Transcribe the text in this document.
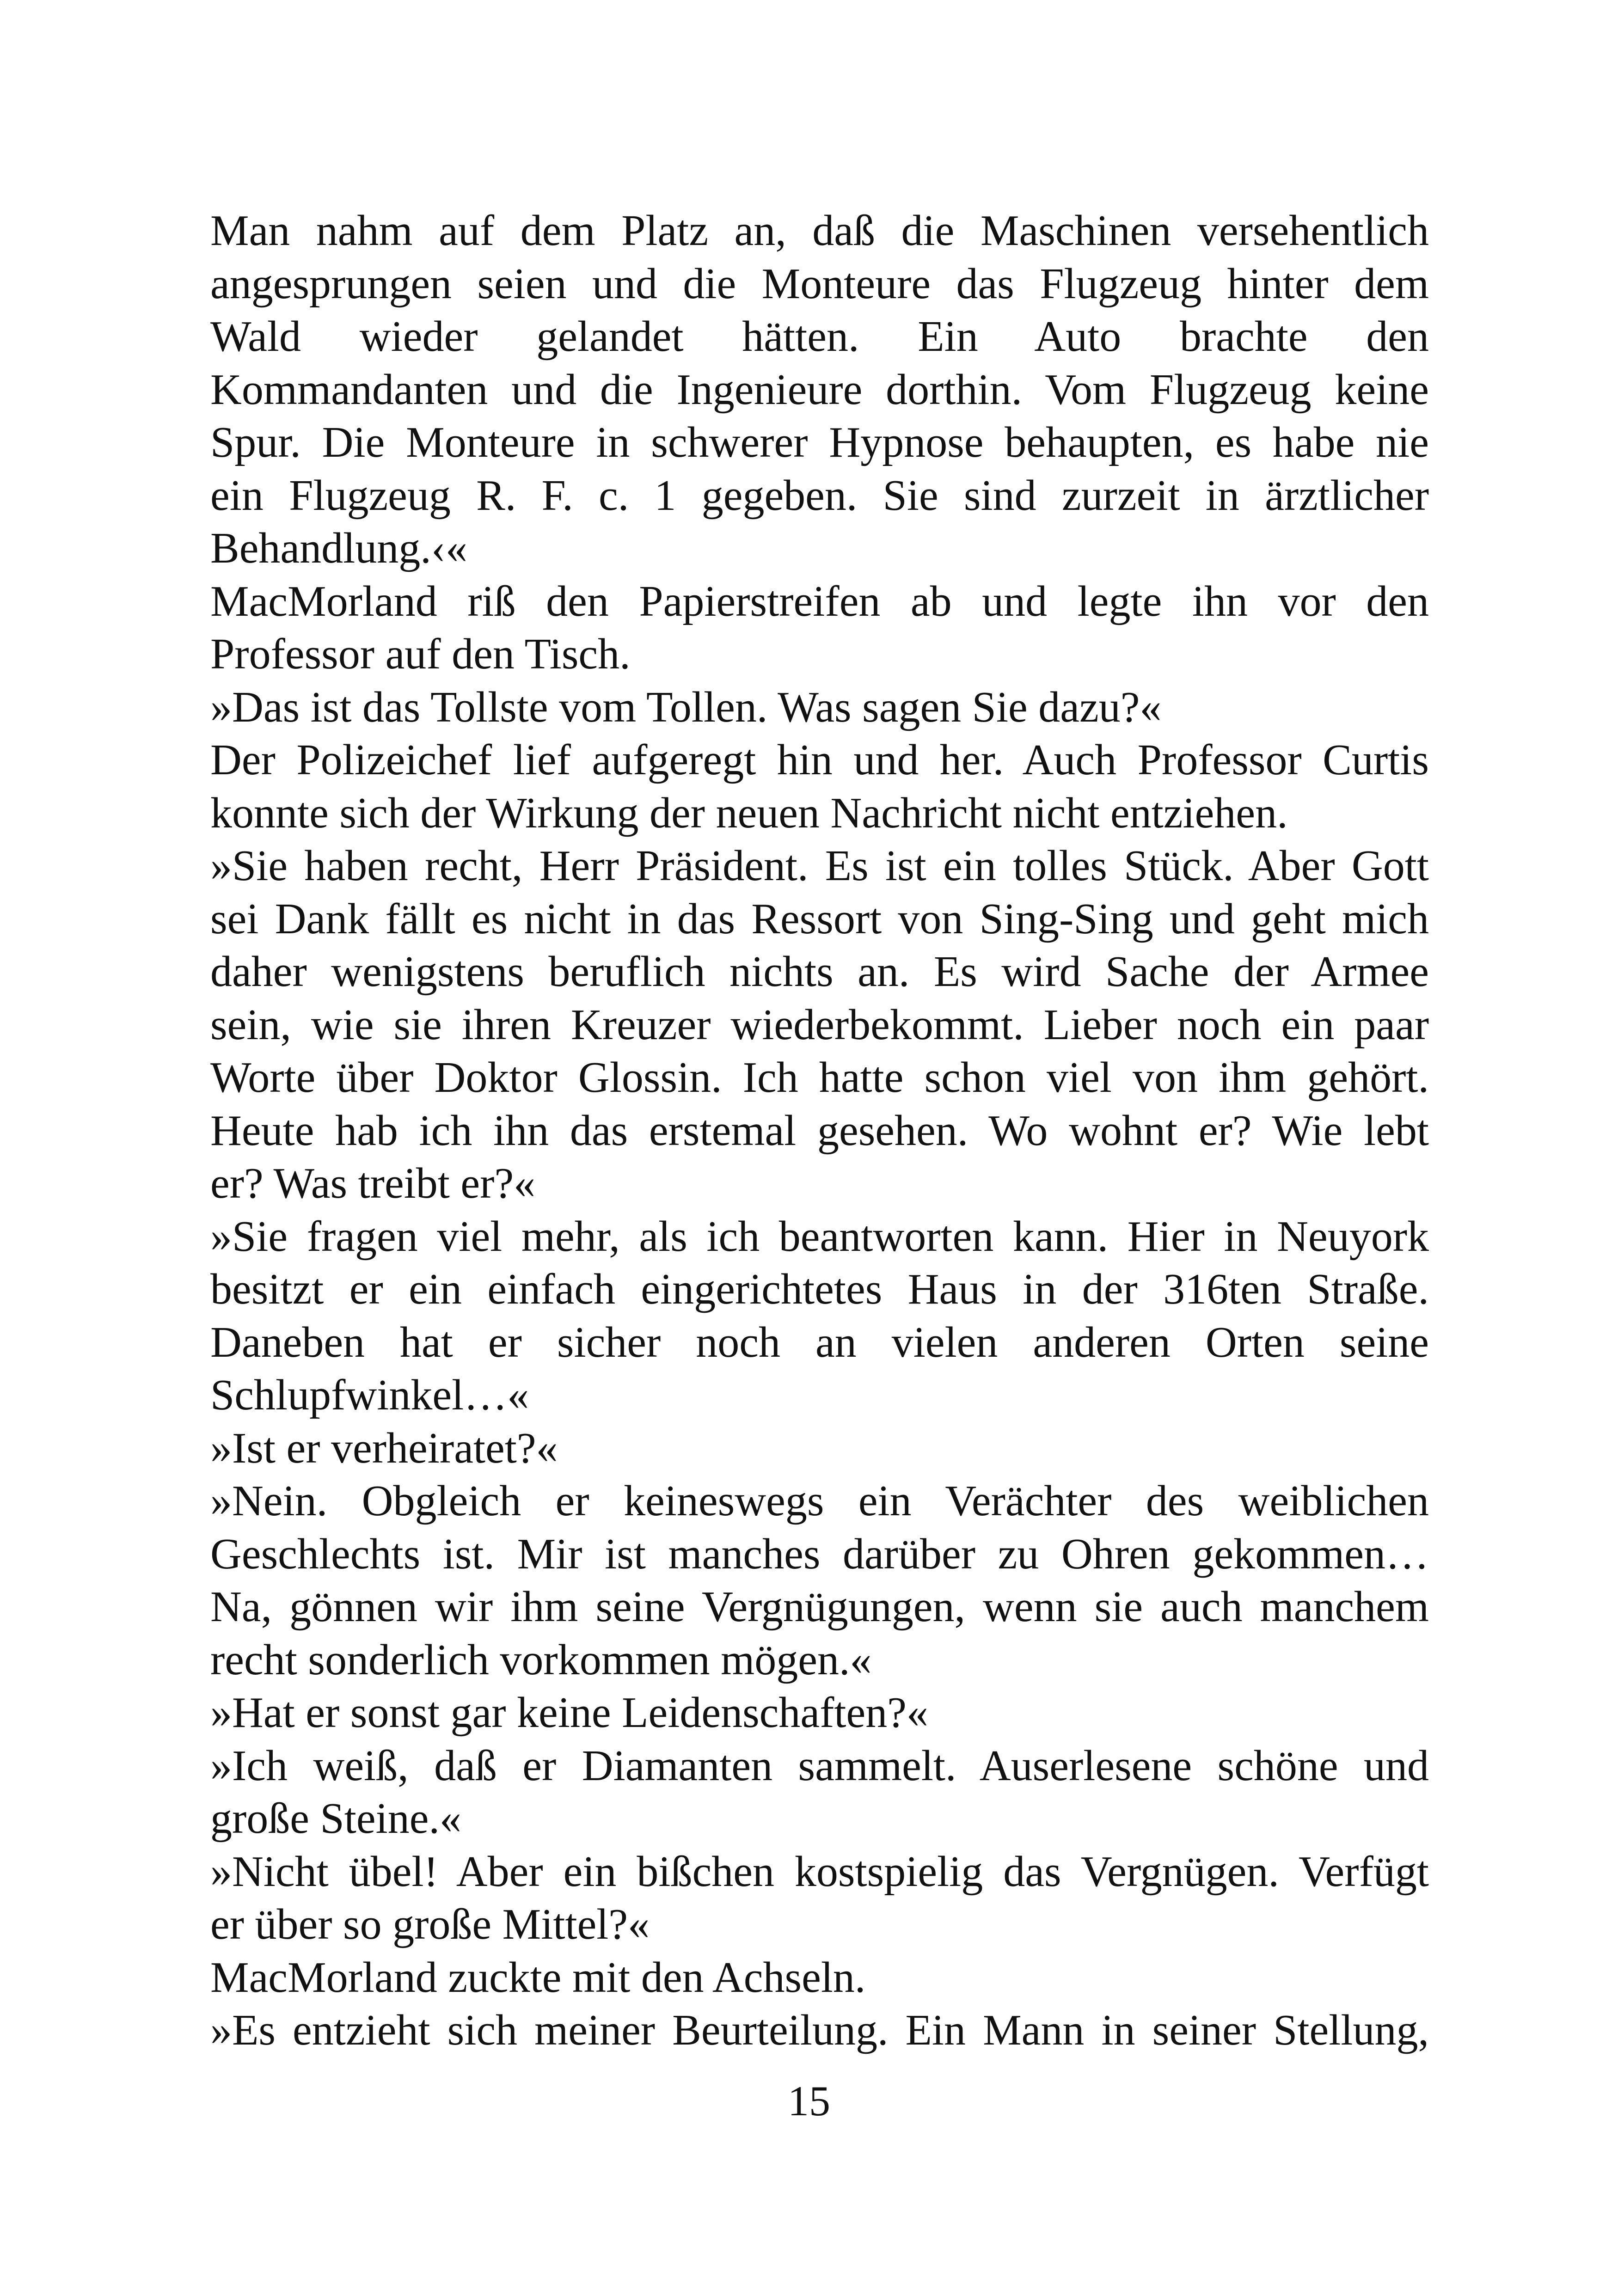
Man nahm auf dem Platz an, daß die Maschinen versehentlich
angesprungen seien und die Monteure das Flugzeug hinter dem
Wald wieder gelandet hätten. Ein Auto brachte den
Kommandanten und die Ingenieure dorthin. Vom Flugzeug keine
Spur. Die Monteure in schwerer Hypnose behaupten, es habe nie
ein Flugzeug R. F. c. 1 gegeben. Sie sind zurzeit in ärztlicher
Behandlung.‹«
MacMorland riß den Papierstreifen ab und legte ihn vor den
Professor auf den Tisch.
»Das ist das Tollste vom Tollen. Was sagen Sie dazu?«
Der Polizeichef lief aufgeregt hin und her. Auch Professor Curtis
konnte sich der Wirkung der neuen Nachricht nicht entziehen.
»Sie haben recht, Herr Präsident. Es ist ein tolles Stück. Aber Gott
sei Dank fällt es nicht in das Ressort von Sing-Sing und geht mich
daher wenigstens beruflich nichts an. Es wird Sache der Armee
sein, wie sie ihren Kreuzer wiederbekommt. Lieber noch ein paar
Worte über Doktor Glossin. Ich hatte schon viel von ihm gehört.
Heute hab ich ihn das erstemal gesehen. Wo wohnt er? Wie lebt
er? Was treibt er?«
»Sie fragen viel mehr, als ich beantworten kann. Hier in Neuyork
besitzt er ein einfach eingerichtetes Haus in der 316ten Straße.
Daneben hat er sicher noch an vielen anderen Orten seine
Schlupfwinkel…«
»Ist er verheiratet?«
»Nein. Obgleich er keineswegs ein Verächter des weiblichen
Geschlechts ist. Mir ist manches darüber zu Ohren gekommen…
Na, gönnen wir ihm seine Vergnügungen, wenn sie auch manchem
recht sonderlich vorkommen mögen.«
»Hat er sonst gar keine Leidenschaften?«
»Ich weiß, daß er Diamanten sammelt. Auserlesene schöne und
große Steine.«
»Nicht übel! Aber ein bißchen kostspielig das Vergnügen. Verfügt
er über so große Mittel?«
MacMorland zuckte mit den Achseln.
»Es entzieht sich meiner Beurteilung. Ein Mann in seiner Stellung,
15
